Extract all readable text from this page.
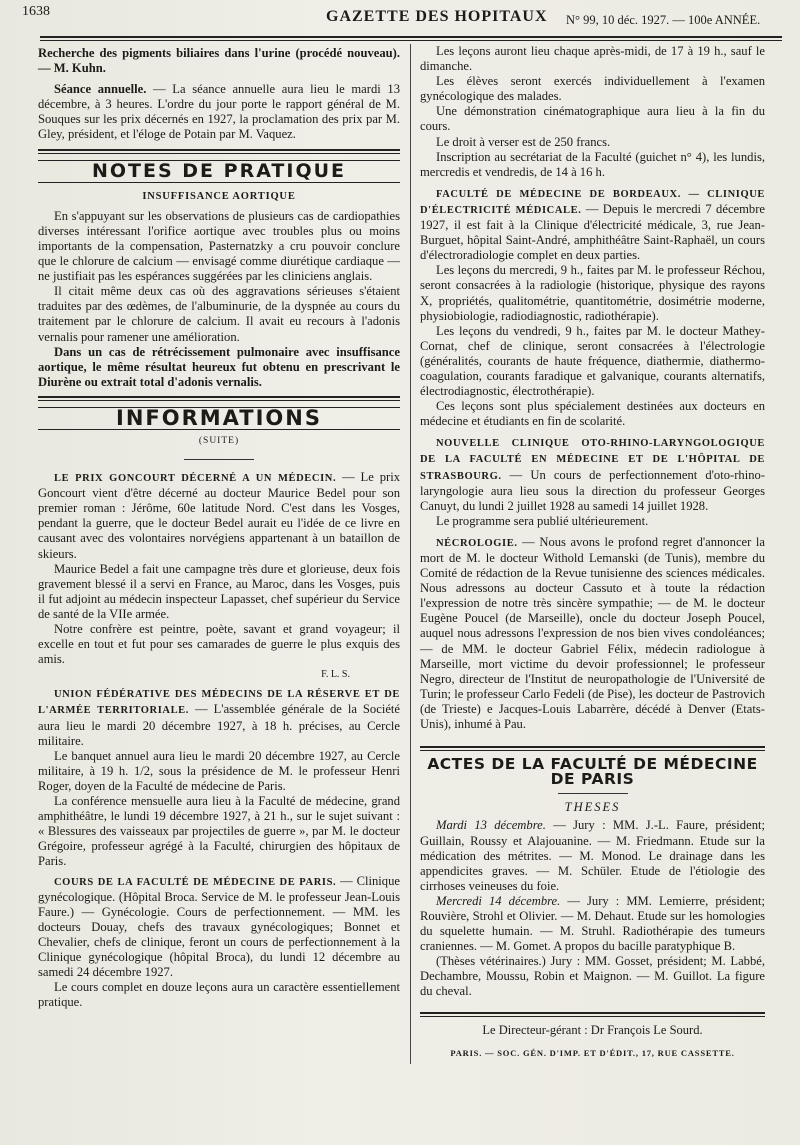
1638	GAZETTE DES HOPITAUX N° 99, 10 déc. 1927. — 100e ANNÉE.

Recherche des pigments biliaires dans l'urine (procédé nouveau). — M. Kuhn.

Séance annuelle. — La séance annuelle aura lieu le mardi 13 décembre, à 3 heures. L'ordre du jour porte le rapport général de M. Souques sur les prix décernés en 1927, la proclamation des prix par M. Gley, président, et l'éloge de Potain par M. Vaquez.

NOTES DE PRATIQUE
INSUFFISANCE AORTIQUE

En s'appuyant sur les observations de plusieurs cas de cardiopathies diverses intéressant l'orifice aortique avec troubles plus ou moins importants de la compensation, Pasternatzky a cru pouvoir conclure que le chlorure de calcium — envisagé comme diurétique cardiaque — ne justifiait pas les espérances suggérées par les cliniciens anglais.

Il citait même deux cas où des aggravations sérieuses s'étaient traduites par des œdèmes, de l'albuminurie, de la dyspnée au cours du traitement par le chlorure de calcium. Il avait eu recours à l'adonis vernalis pour ramener une amélioration.

Dans un cas de rétrécissement pulmonaire avec insuffisance aortique, le même résultat heureux fut obtenu en prescrivant le Diurène ou extrait total d'adonis vernalis.

INFORMATIONS
(SUITE)

LE PRIX GONCOURT DÉCERNÉ A UN MÉDECIN. — Le prix Goncourt vient d'être décerné au docteur Maurice Bedel pour son premier roman : Jérôme, 60e latitude Nord. C'est dans les Vosges, pendant la guerre, que le docteur Bedel aurait eu l'idée de ce livre en causant avec des volontaires norvégiens appartenant à un bataillon de skieurs.

Maurice Bedel a fait une campagne très dure et glorieuse, deux fois gravement blessé il a servi en France, au Maroc, dans les Vosges, puis il fut adjoint au médecin inspecteur Lapasset, chef supérieur du Service de santé de la VIIe armée.

Notre confrère est peintre, poète, savant et grand voyageur; il excelle en tout et fut pour ses camarades de guerre le plus exquis des amis.

F. L. S.

UNION FÉDÉRATIVE DES MÉDECINS DE LA RÉSERVE ET DE L'ARMÉE TERRITORIALE. — L'assemblée générale de la Société aura lieu le mardi 20 décembre 1927, à 18 h. précises, au Cercle militaire.

Le banquet annuel aura lieu le mardi 20 décembre 1927, au Cercle militaire, à 19 h. 1/2, sous la présidence de M. le professeur Henri Roger, doyen de la Faculté de médecine de Paris.

La conférence mensuelle aura lieu à la Faculté de médecine, grand amphithéâtre, le lundi 19 décembre 1927, à 21 h., sur le sujet suivant : « Blessures des vaisseaux par projectiles de guerre », par M. le docteur Grégoire, professeur agrégé à la Faculté, chirurgien des hôpitaux de Paris.

COURS DE LA FACULTÉ DE MÉDECINE DE PARIS. — Clinique gynécologique. (Hôpital Broca. Service de M. le professeur Jean-Louis Faure.) — Gynécologie. Cours de perfectionnement. — MM. les docteurs Douay, chefs des travaux gynécologiques; Bonnet et Chevalier, chefs de clinique, feront un cours de perfectionnement à la Clinique gynécologique (hôpital Broca), du lundi 12 décembre au samedi 24 décembre 1927.

Le cours complet en douze leçons aura un caractère essentiellement pratique.

Les leçons auront lieu chaque après-midi, de 17 à 19 h., sauf le dimanche.

Les élèves seront exercés individuellement à l'examen gynécologique des malades.

Une démonstration cinématographique aura lieu à la fin du cours.

Le droit à verser est de 250 francs.

Inscription au secrétariat de la Faculté (guichet n° 4), les lundis, mercredis et vendredis, de 14 à 16 h.

FACULTÉ DE MÉDECINE DE BORDEAUX. — CLINIQUE D'ÉLECTRICITÉ MÉDICALE. — Depuis le mercredi 7 décembre 1927, il est fait à la Clinique d'électricité médicale, 3, rue Jean-Burguet, hôpital Saint-André, amphithéâtre Saint-Raphaël, un cours d'électroradiologie complet en deux parties.

Les leçons du mercredi, 9 h., faites par M. le professeur Réchou, seront consacrées à la radiologie (historique, physique des rayons X, propriétés, qualitométrie, quantitométrie, dosimétrie moderne, physiobiologie, radiodiagnostic, radiothérapie).

Les leçons du vendredi, 9 h., faites par M. le docteur Mathey-Cornat, chef de clinique, seront consacrées à l'électrologie (généralités, courants de haute fréquence, diathermie, diathermo-coagulation, courants faradique et galvanique, courants alternatifs, électrodiagnostic, électrothérapie).

Ces leçons sont plus spécialement destinées aux docteurs en médecine et étudiants en fin de scolarité.

NOUVELLE CLINIQUE OTO-RHINO-LARYNGOLOGIQUE DE LA FACULTÉ EN MÉDECINE ET DE L'HÔPITAL DE STRASBOURG. — Un cours de perfectionnement d'oto-rhino-laryngologie aura lieu sous la direction du professeur Georges Canuyt, du lundi 2 juillet 1928 au samedi 14 juillet 1928.

Le programme sera publié ultérieurement.

NÉCROLOGIE. — Nous avons le profond regret d'annoncer la mort de M. le docteur Withold Lemanski (de Tunis), membre du Comité de rédaction de la Revue tunisienne des sciences médicales. Nous adressons au docteur Cassuto et à toute la rédaction l'expression de notre très sincère sympathie; — de M. le docteur Eugène Poucel (de Marseille), oncle du docteur Joseph Poucel, auquel nous adressons l'expression de nos bien vives condoléances; — de MM. le docteur Gabriel Félix, médecin radiologue à Marseille, mort victime du devoir professionnel; le professeur Negro, directeur de l'Institut de neuropathologie de l'Université de Turin; le professeur Carlo Fedeli (de Pise), les docteur de Pastrovich (de Trieste) e Jacques-Louis Labarrère, décédé à Denver (Etats-Unis), inhumé à Pau.

ACTES DE LA FACULTÉ DE MÉDECINE DE PARIS
THESES

Mardi 13 décembre. — Jury : MM. J.-L. Faure, président; Guillain, Roussy et Alajouanine. — M. Friedmann. Etude sur la médication des métrites. — M. Monod. Le drainage dans les appendicites graves. — M. Schüler. Etude de l'étiologie des cirrhoses veineuses du foie.

Mercredi 14 décembre. — Jury : MM. Lemierre, président; Rouvière, Strohl et Olivier. — M. Dehaut. Etude sur les homologies du squelette humain. — M. Struhl. Radiothérapie des tumeurs craniennes. — M. Gomet. A propos du bacille paratyphique B.

(Thèses vétérinaires.) Jury : MM. Gosset, président; M. Labbé, Dechambre, Moussu, Robin et Maignon. — M. Guillot. La figure du cheval.

Le Directeur-gérant : Dr François Le Sourd.
PARIS. — SOC. GÉN. D'IMP. ET D'ÉDIT., 17, RUE CASSETTE.
